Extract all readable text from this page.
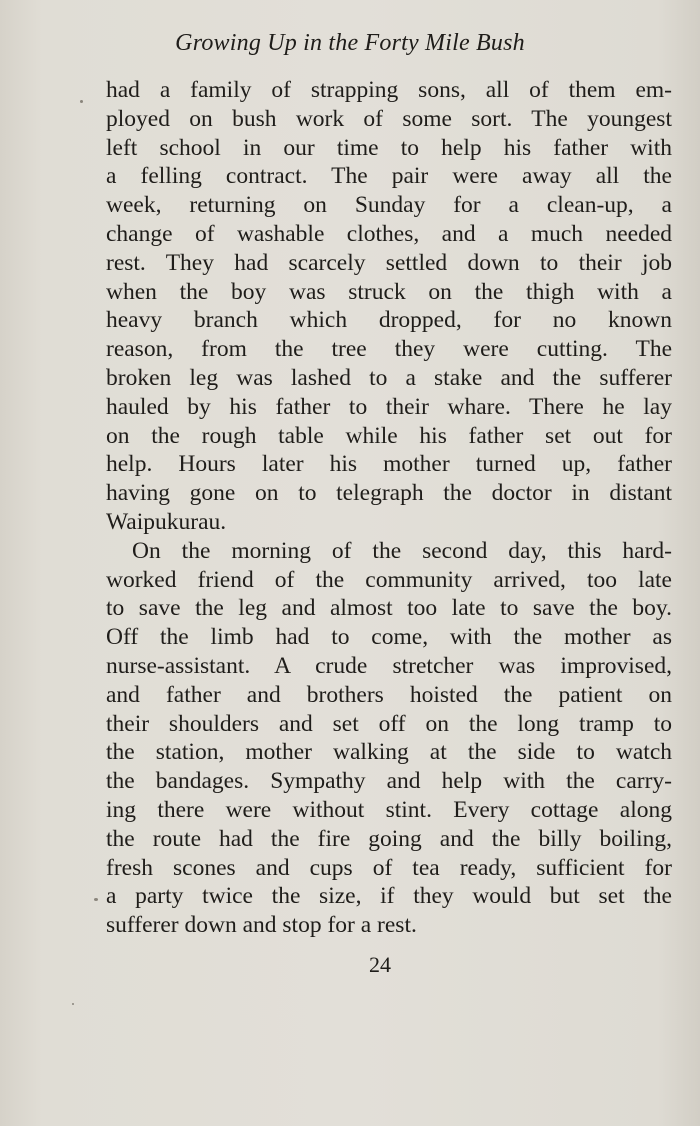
Growing Up in the Forty Mile Bush
had a family of strapping sons, all of them em-
ployed on bush work of some sort. The youngest
left school in our time to help his father with
a felling contract. The pair were away all the
week, returning on Sunday for a clean-up, a
change of washable clothes, and a much needed
rest. They had scarcely settled down to their job
when the boy was struck on the thigh with a
heavy branch which dropped, for no known
reason, from the tree they were cutting. The
broken leg was lashed to a stake and the sufferer
hauled by his father to their whare. There he lay
on the rough table while his father set out for
help. Hours later his mother turned up, father
having gone on to telegraph the doctor in distant
Waipukurau.
On the morning of the second day, this hard-
worked friend of the community arrived, too late
to save the leg and almost too late to save the boy.
Off the limb had to come, with the mother as
nurse-assistant. A crude stretcher was improvised,
and father and brothers hoisted the patient on
their shoulders and set off on the long tramp to
the station, mother walking at the side to watch
the bandages. Sympathy and help with the carry-
ing there were without stint. Every cottage along
the route had the fire going and the billy boiling,
fresh scones and cups of tea ready, sufficient for
a party twice the size, if they would but set the
sufferer down and stop for a rest.
24
